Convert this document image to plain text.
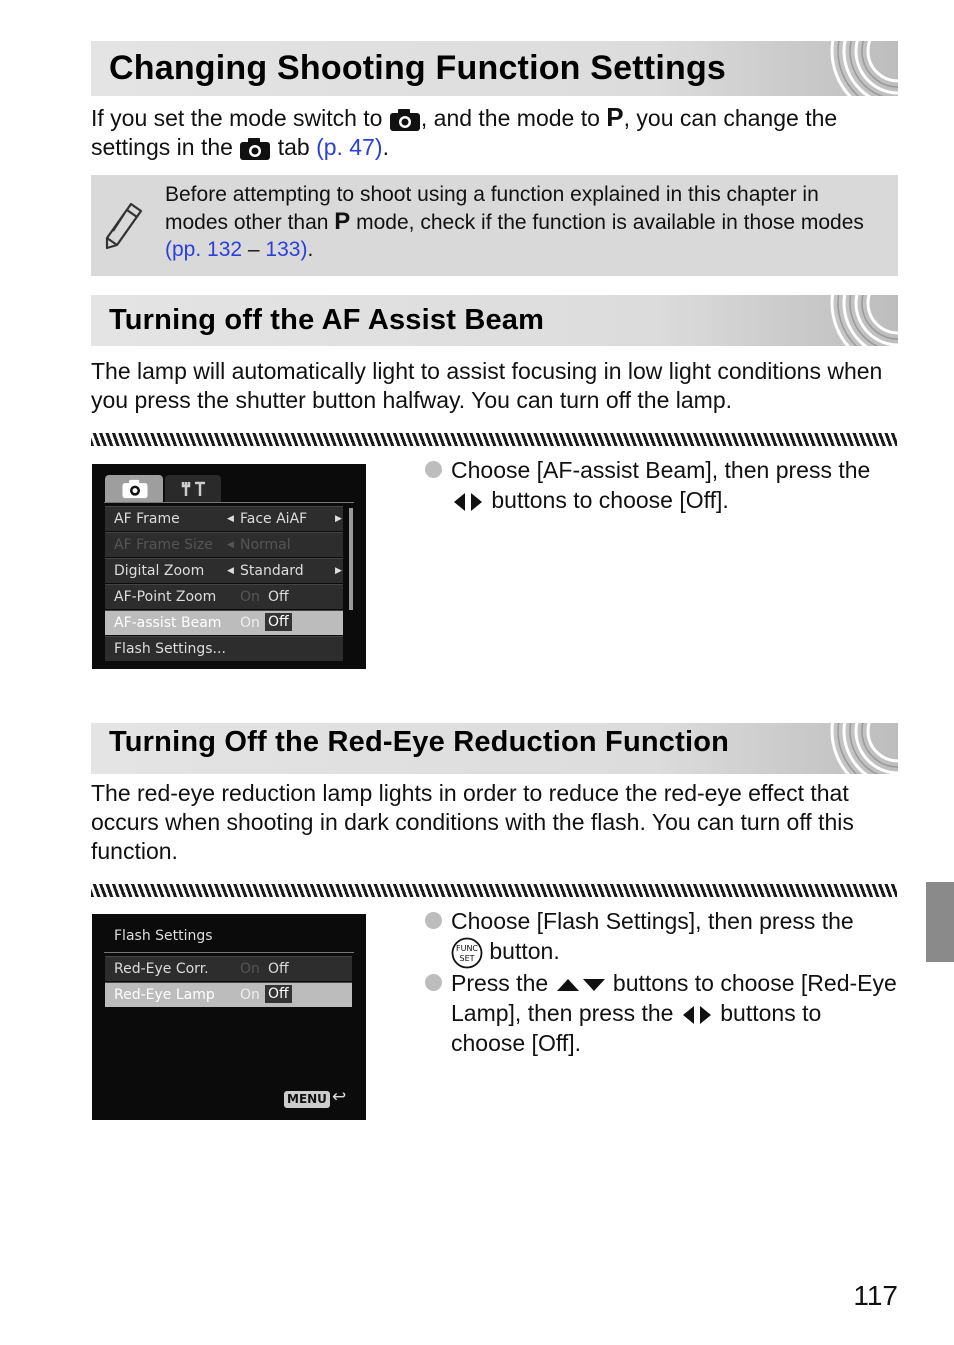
Changing Shooting Function Settings

If you set the mode switch to , and the mode to P, you can change the settings in the  tab (p. 47).

Before attempting to shoot using a function explained in this chapter in modes other than P mode, check if the function is available in those modes (pp. 132 – 133).

Turning off the AF Assist Beam

The lamp will automatically light to assist focusing in low light conditions when you press the shutter button halfway. You can turn off the lamp.

AF Frame	◀ Face AiAF	▶
AF Frame Size ◀ Normal
Digital Zoom	◀ Standard	▶
AF-Point Zoom On Off
AF-assist Beam On Off
Flash Settings...
Choose [AF-assist Beam], then press the  buttons to choose [Off].
Turning Off the Red-Eye Reduction Function

The red-eye reduction lamp lights in order to reduce the red-eye effect that occurs when shooting in dark conditions with the flash. You can turn off this function.

Flash Settings
Red-Eye Corr. On Off
Red-Eye Lamp On Off
MENU ↩
Choose [Flash Settings], then press the

FUNC
SET button.
Press the  buttons to choose [Red-Eye Lamp], then press the  buttons to choose [Off].
117
